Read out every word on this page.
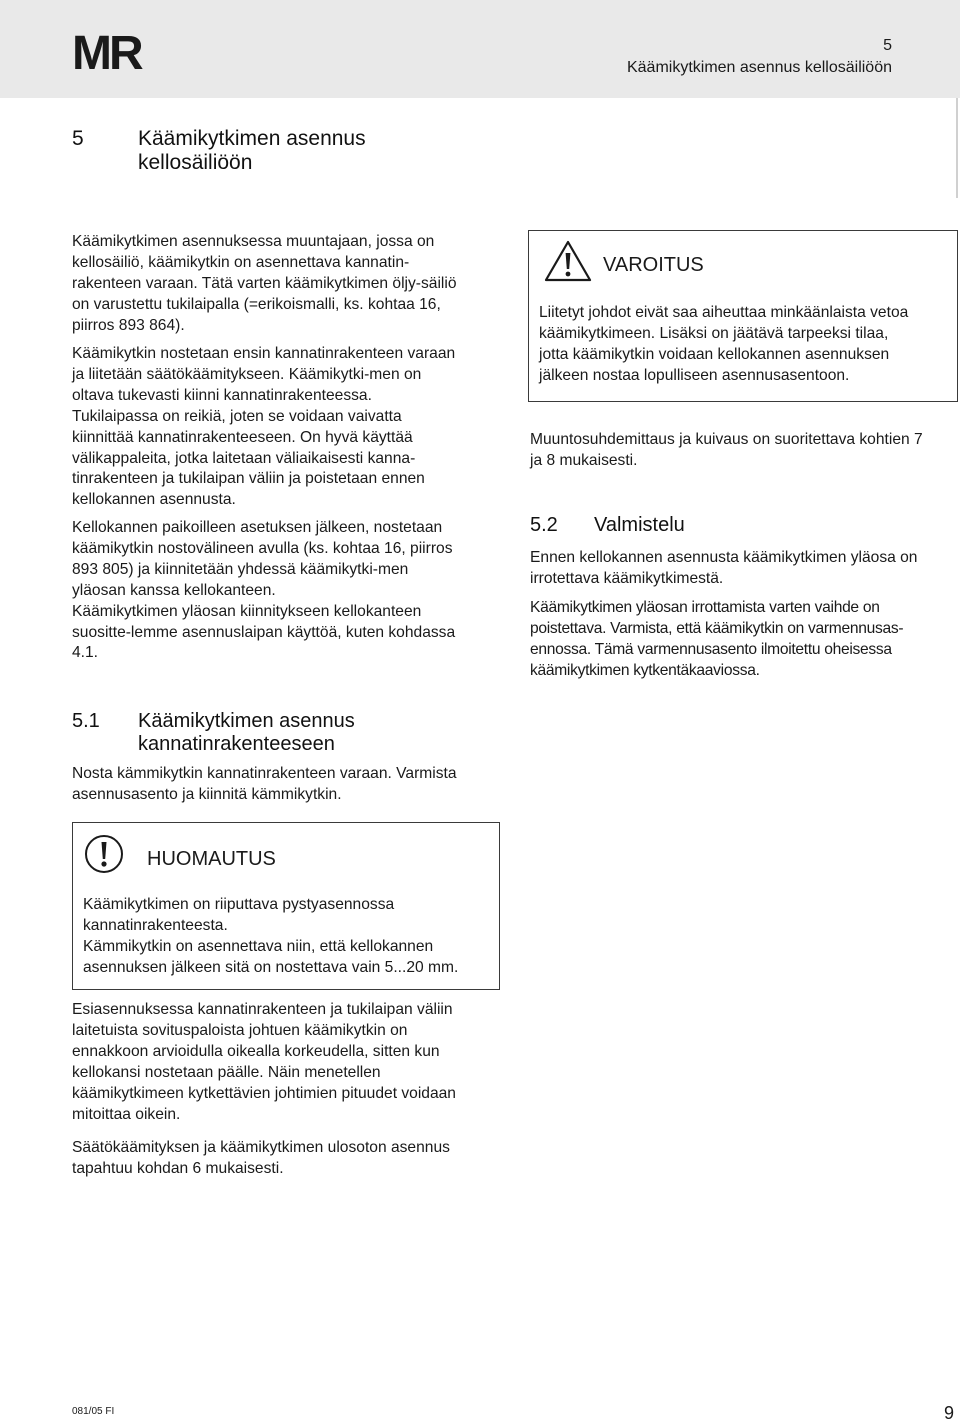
MR	5
Käämikytkimen asennus kellosäiliöön
5	Käämikytkimen asennus
kellosäiliöön

Käämikytkimen asennuksessa muuntajaan, jossa on
kellosäiliö, käämikytkin on asennettava kannatin-
rakenteen varaan. Tätä varten käämikytkimen öljy-säiliö
on varustettu tukilaipalla (=erikoismalli, ks. kohtaa 16,
piirros 893 864).

Käämikytkin nostetaan ensin kannatinrakenteen varaan
ja liitetään säätökäämitykseen. Käämikytki-men on
oltava tukevasti kiinni kannatinrakenteessa.
Tukilaipassa on reikiä, joten se voidaan vaivatta
kiinnittää kannatinrakenteeseen. On hyvä käyttää
välikappaleita, jotka laitetaan väliaikaisesti kanna-
tinrakenteen ja tukilaipan väliin ja poistetaan ennen
kellokannen asennusta.

Kellokannen paikoilleen asetuksen jälkeen, nostetaan
käämikytkin nostovälineen avulla (ks. kohtaa 16, piirros
893 805) ja kiinnitetään yhdessä käämikytki-men
yläosan kanssa kellokanteen.
Käämikytkimen yläosan kiinnitykseen kellokanteen
suositte-lemme asennuslaipan käyttöä, kuten kohdassa
4.1.

5.1 Käämikytkimen asennus
kannatinrakenteeseen

Nosta kämmikytkin kannatinrakenteen varaan. Varmista
asennusasento ja kiinnitä kämmikytkin.

HUOMAUTUS
Käämikytkimen on riiputtava pystyasennossa
kannatinrakenteesta.
Kämmikytkin on asennettava niin, että kellokannen
asennuksen jälkeen sitä on nostettava vain 5...20 mm.

Esiasennuksessa kannatinrakenteen ja tukilaipan väliin
laitetuista sovituspaloista johtuen käämikytkin on
ennakkoon arvioidulla oikealla korkeudella, sitten kun
kellokansi nostetaan päälle. Näin menetellen
käämikytkimeen kytkettävien johtimien pituudet voidaan
mitoittaa oikein.

Säätökäämityksen ja käämikytkimen ulosoton asennus
tapahtuu kohdan 6 mukaisesti.

VAROITUS
Liitetyt johdot eivät saa aiheuttaa minkäänlaista vetoa
käämikytkimeen. Lisäksi on jäätävä tarpeeksi tilaa,
jotta käämikytkin voidaan kellokannen asennuksen
jälkeen nostaa lopulliseen asennusasentoon.

Muuntosuhdemittaus ja kuivaus on suoritettava kohtien 7
ja 8 mukaisesti.

5.2 Valmistelu

Ennen kellokannen asennusta käämikytkimen yläosa on
irrotettava käämikytkimestä.

Käämikytkimen yläosan irrottamista varten vaihde on
poistettava. Varmista, että käämikytkin on varmennusas-
ennossa. Tämä varmennusasento ilmoitettu oheisessa
käämikytkimen kytkentäkaaviossa.

081/05 FI	9
